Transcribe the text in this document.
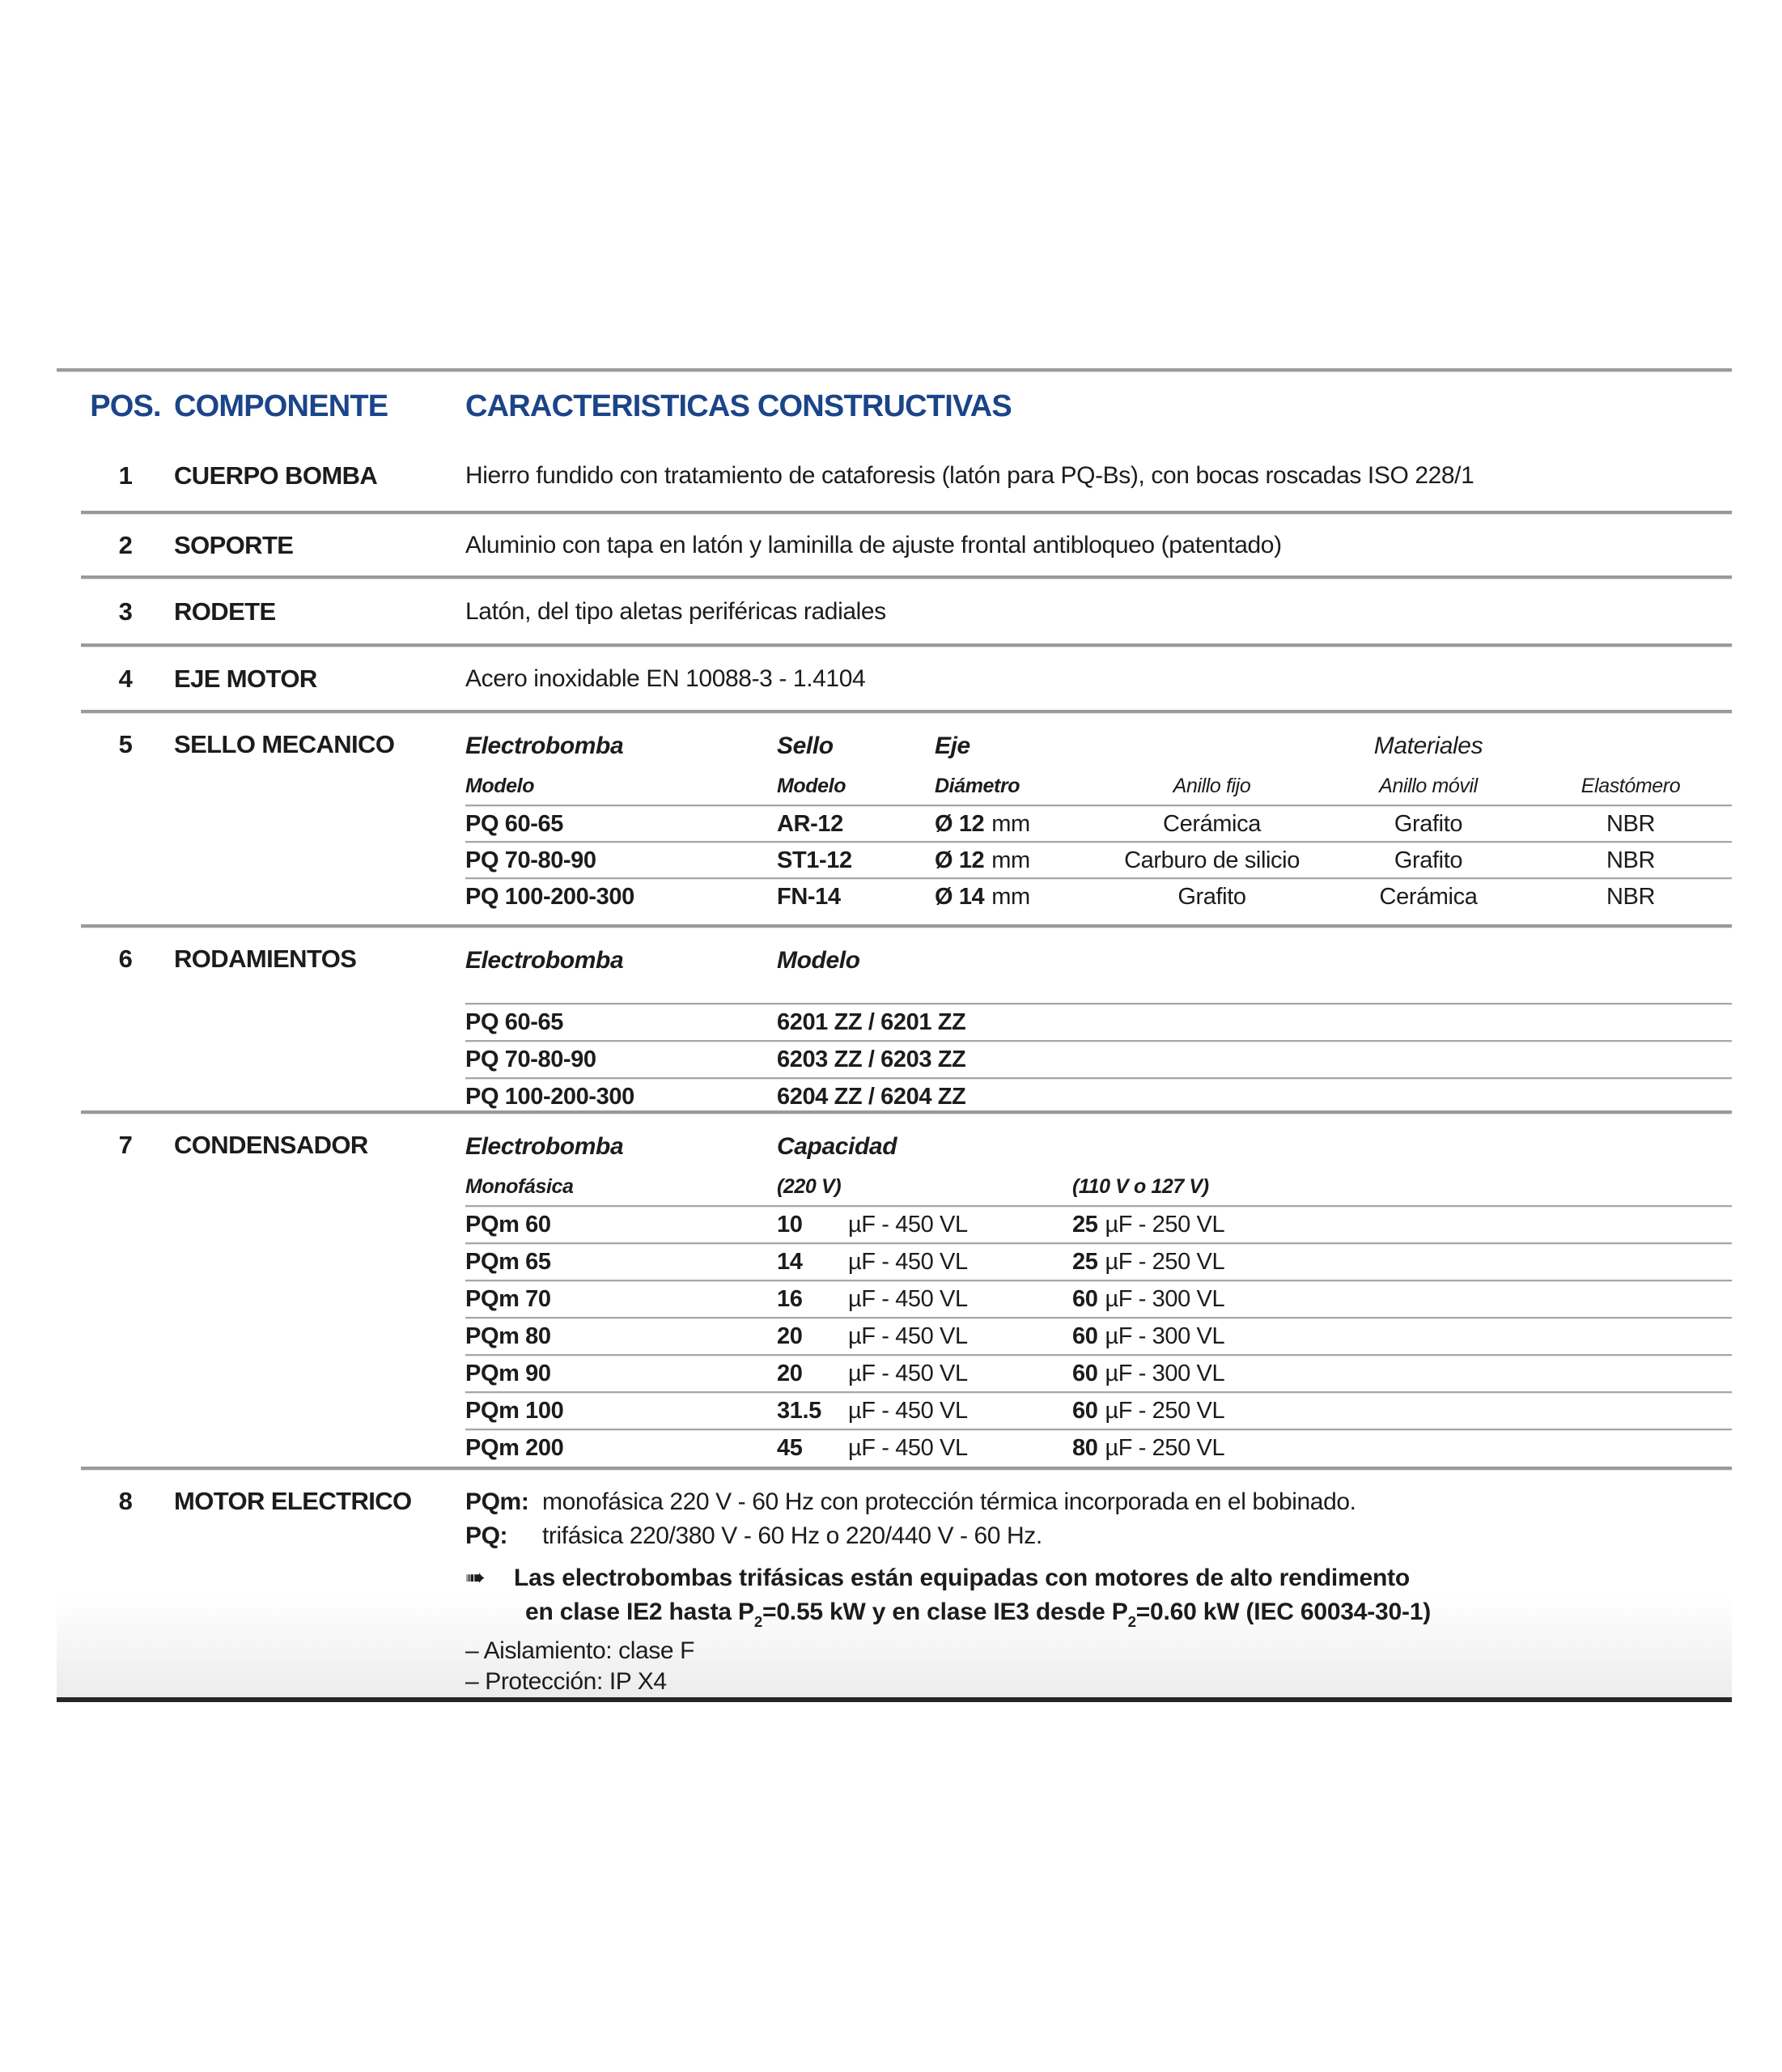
POS. COMPONENTE	CARACTERISTICAS CONSTRUCTIVAS
1	CUERPO BOMBA	Hierro fundido con tratamiento de cataforesis (latón para PQ-Bs), con bocas roscadas ISO 228/1
2	SOPORTE	Aluminio con tapa en latón y laminilla de ajuste frontal antibloqueo (patentado)
3	RODETE	Latón, del tipo aletas periféricas radiales
4	EJE MOTOR	Acero inoxidable EN 10088-3 - 1.4104
5	SELLO MECANICO	Electrobomba	Sello	Eje	Materiales
Modelo	Modelo	Diámetro	Anillo fijo	Anillo móvil	Elastómero
PQ 60-65	AR-12	Ø 12 mm	Cerámica	Grafito	NBR
PQ 70-80-90	ST1-12	Ø 12 mm	Carburo de silicio	Grafito	NBR
PQ 100-200-300	FN-14	Ø 14 mm	Grafito	Cerámica	NBR
6	RODAMIENTOS	Electrobomba	Modelo
PQ 60-65	6201 ZZ / 6201 ZZ
PQ 70-80-90	6203 ZZ / 6203 ZZ
PQ 100-200-300	6204 ZZ / 6204 ZZ
7	CONDENSADOR	Electrobomba	Capacidad
Monofásica	(220 V)	(110 V o 127 V)
PQm 60	10 µF - 450 VL	25 µF - 250 VL
PQm 65	14 µF - 450 VL	25 µF - 250 VL
PQm 70	16 µF - 450 VL	60 µF - 300 VL
PQm 80	20 µF - 450 VL	60 µF - 300 VL
PQm 90	20 µF - 450 VL	60 µF - 300 VL
PQm 100	31.5 µF - 450 VL	60 µF - 250 VL
PQm 200	45 µF - 450 VL	80 µF - 250 VL
8	MOTOR ELECTRICO	PQm: monofásica 220 V - 60 Hz con protección térmica incorporada en el bobinado.
PQ:	trifásica 220/380 V - 60 Hz o 220/440 V - 60 Hz.
➠	Las electrobombas trifásicas están equipadas con motores de alto rendimento
en clase IE2 hasta $P_2=0.55$ kW y en clase IE3 desde $P_2=0.60$ kW (IEC 60034-30-1)
– Aislamiento: clase F
– Protección: IP X4
